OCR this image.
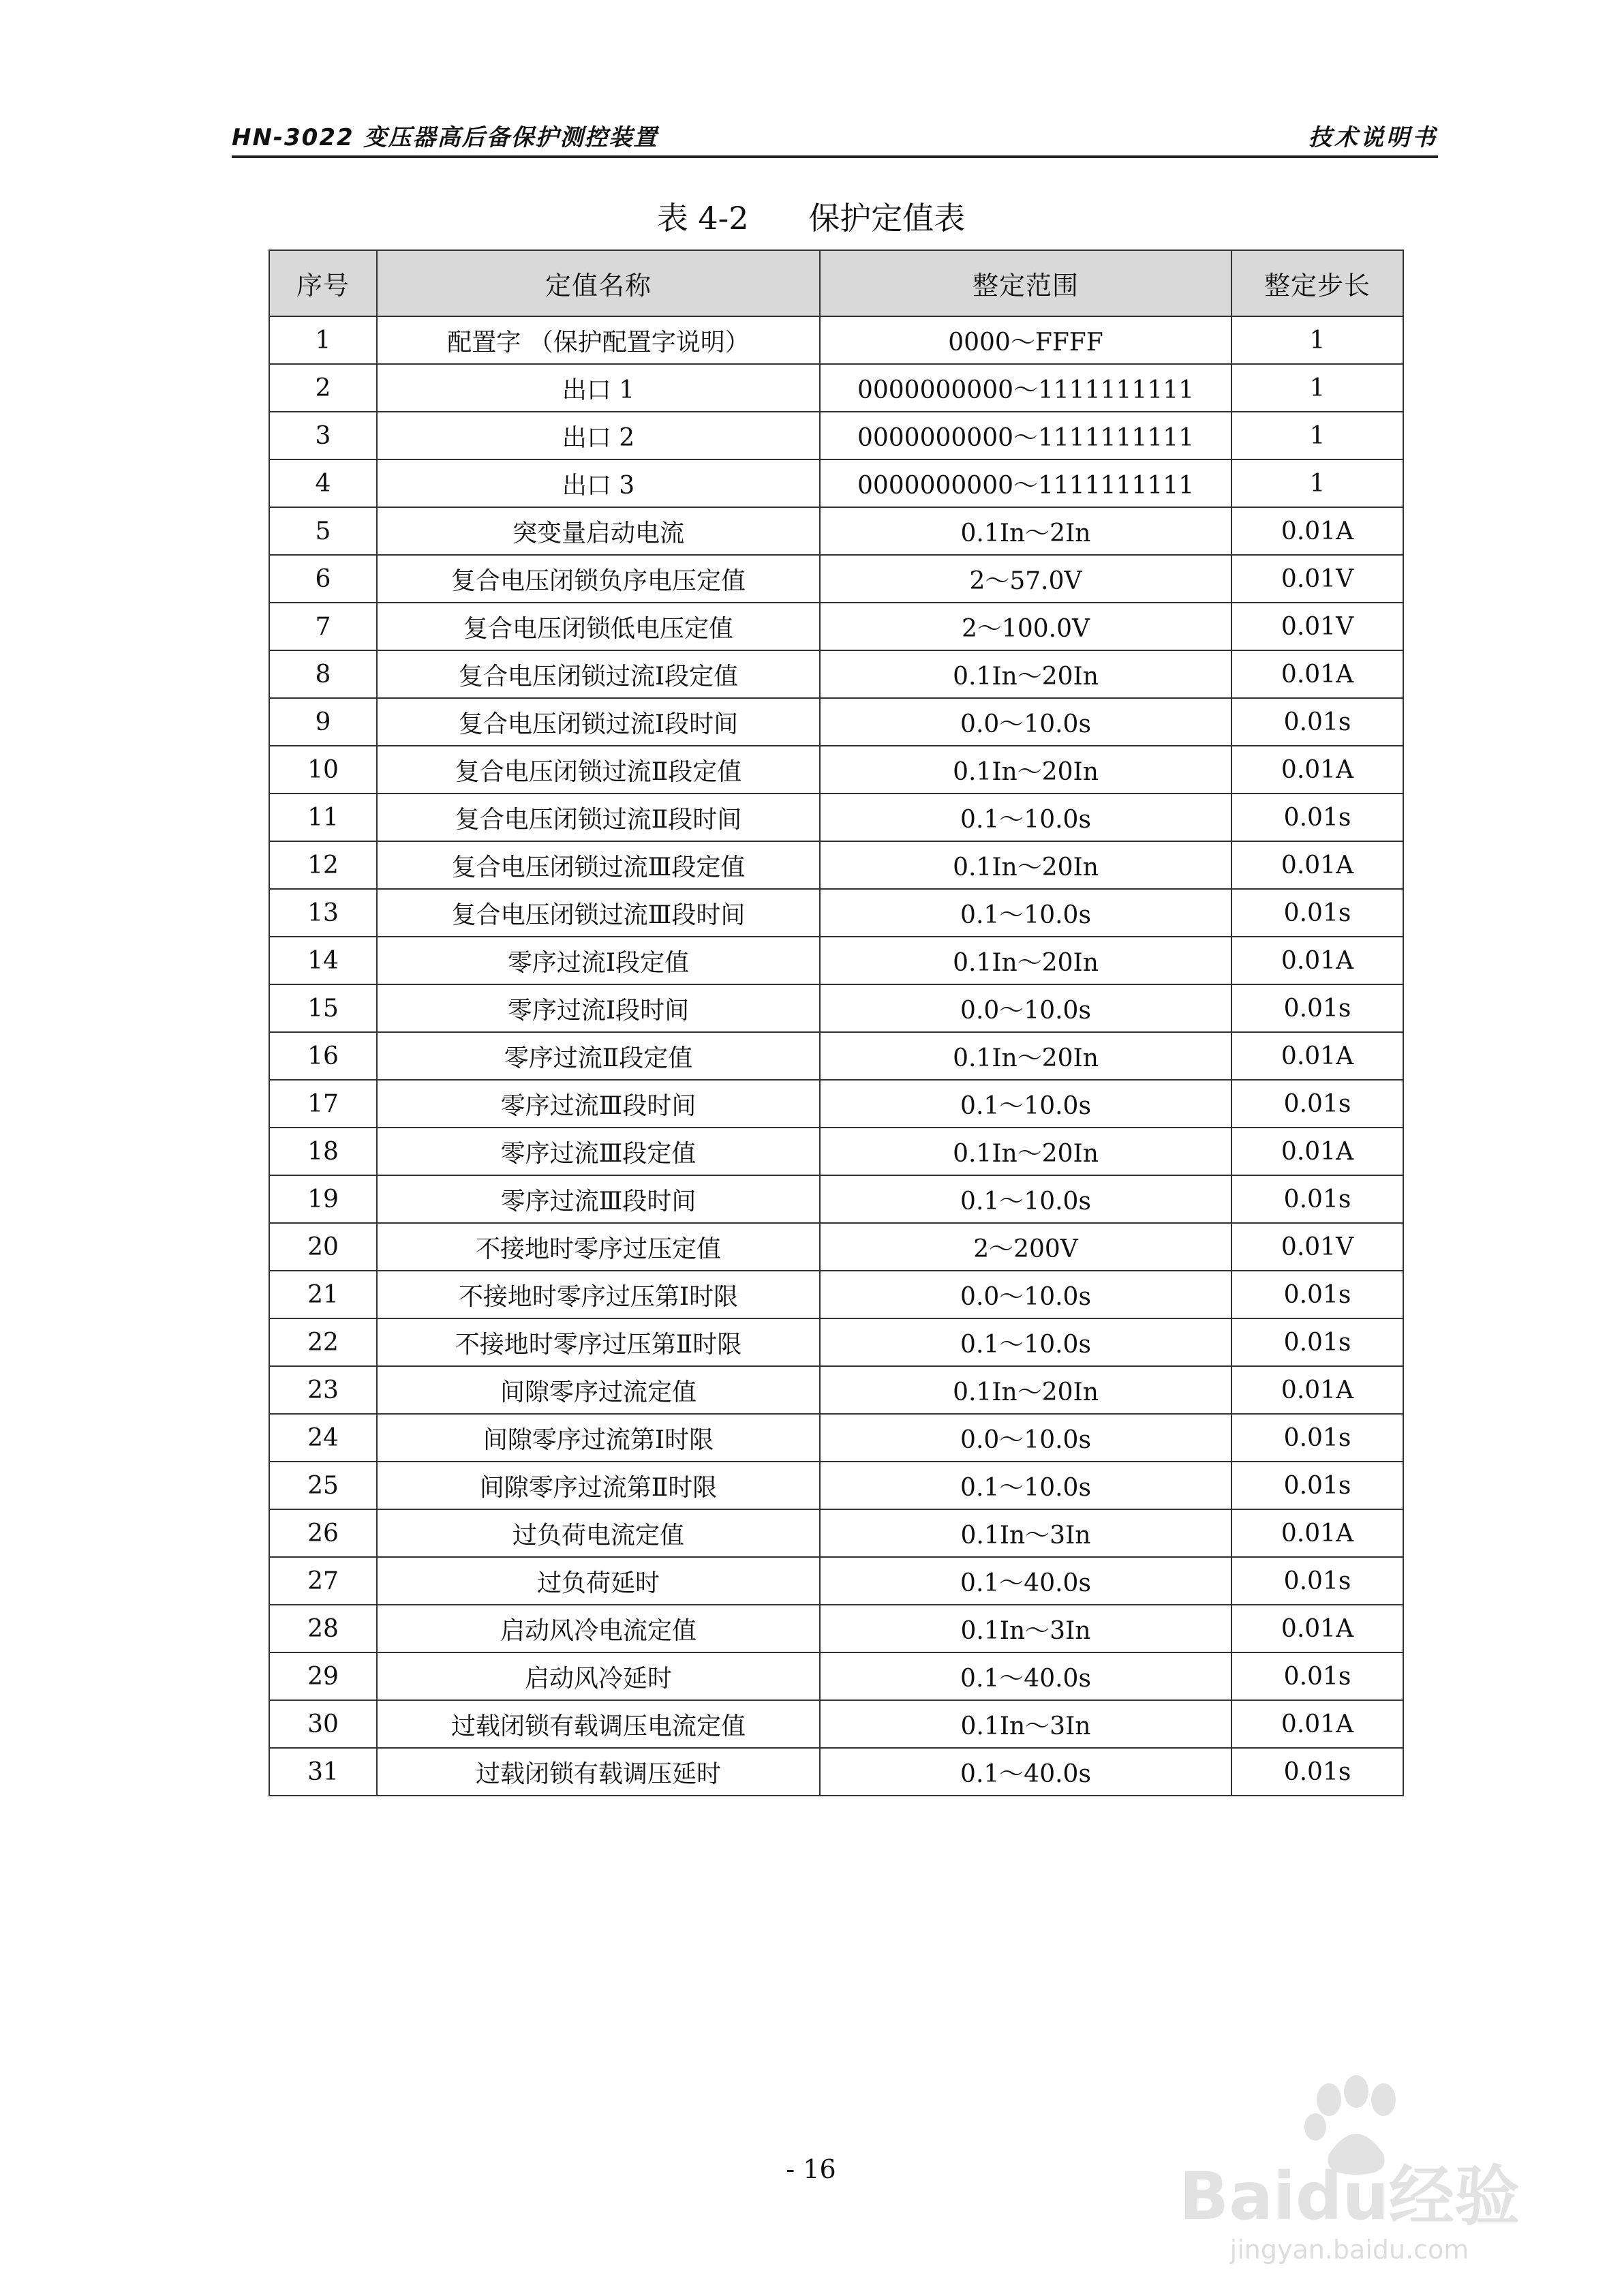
HN-3022 变压器高后备保护测控装置	技术说明书
表 4-2      保护定值表
序号	定值名称	整定范围	整定步长
1	配置字 （保护配置字说明）	0000～FFFF	1
2	出口 1	0000000000～1111111111	1
3	出口 2	0000000000～1111111111	1
4	出口 3	0000000000～1111111111	1
5	突变量启动电流	0.1In～2In	0.01A
6	复合电压闭锁负序电压定值	2～57.0V	0.01V
7	复合电压闭锁低电压定值	2～100.0V	0.01V
8	复合电压闭锁过流Ⅰ段定值	0.1In～20In	0.01A
9	复合电压闭锁过流Ⅰ段时间	0.0～10.0s	0.01s
10	复合电压闭锁过流Ⅱ段定值	0.1In～20In	0.01A
11	复合电压闭锁过流Ⅱ段时间	0.1～10.0s	0.01s
12	复合电压闭锁过流Ⅲ段定值	0.1In～20In	0.01A
13	复合电压闭锁过流Ⅲ段时间	0.1～10.0s	0.01s
14	零序过流Ⅰ段定值	0.1In～20In	0.01A
15	零序过流Ⅰ段时间	0.0～10.0s	0.01s
16	零序过流Ⅱ段定值	0.1In～20In	0.01A
17	零序过流Ⅲ段时间	0.1～10.0s	0.01s
18	零序过流Ⅲ段定值	0.1In～20In	0.01A
19	零序过流Ⅲ段时间	0.1～10.0s	0.01s
20	不接地时零序过压定值	2～200V	0.01V
21	不接地时零序过压第Ⅰ时限	0.0～10.0s	0.01s
22	不接地时零序过压第Ⅱ时限	0.1～10.0s	0.01s
23	间隙零序过流定值	0.1In～20In	0.01A
24	间隙零序过流第Ⅰ时限	0.0～10.0s	0.01s
25	间隙零序过流第Ⅱ时限	0.1～10.0s	0.01s
26	过负荷电流定值	0.1In～3In	0.01A
27	过负荷延时	0.1～40.0s	0.01s
28	启动风冷电流定值	0.1In～3In	0.01A
29	启动风冷延时	0.1～40.0s	0.01s
30	过载闭锁有载调压电流定值	0.1In～3In	0.01A
31	过载闭锁有载调压延时	0.1～40.0s	0.01s
- 16	Baidu经验
jingyan.baidu.com
